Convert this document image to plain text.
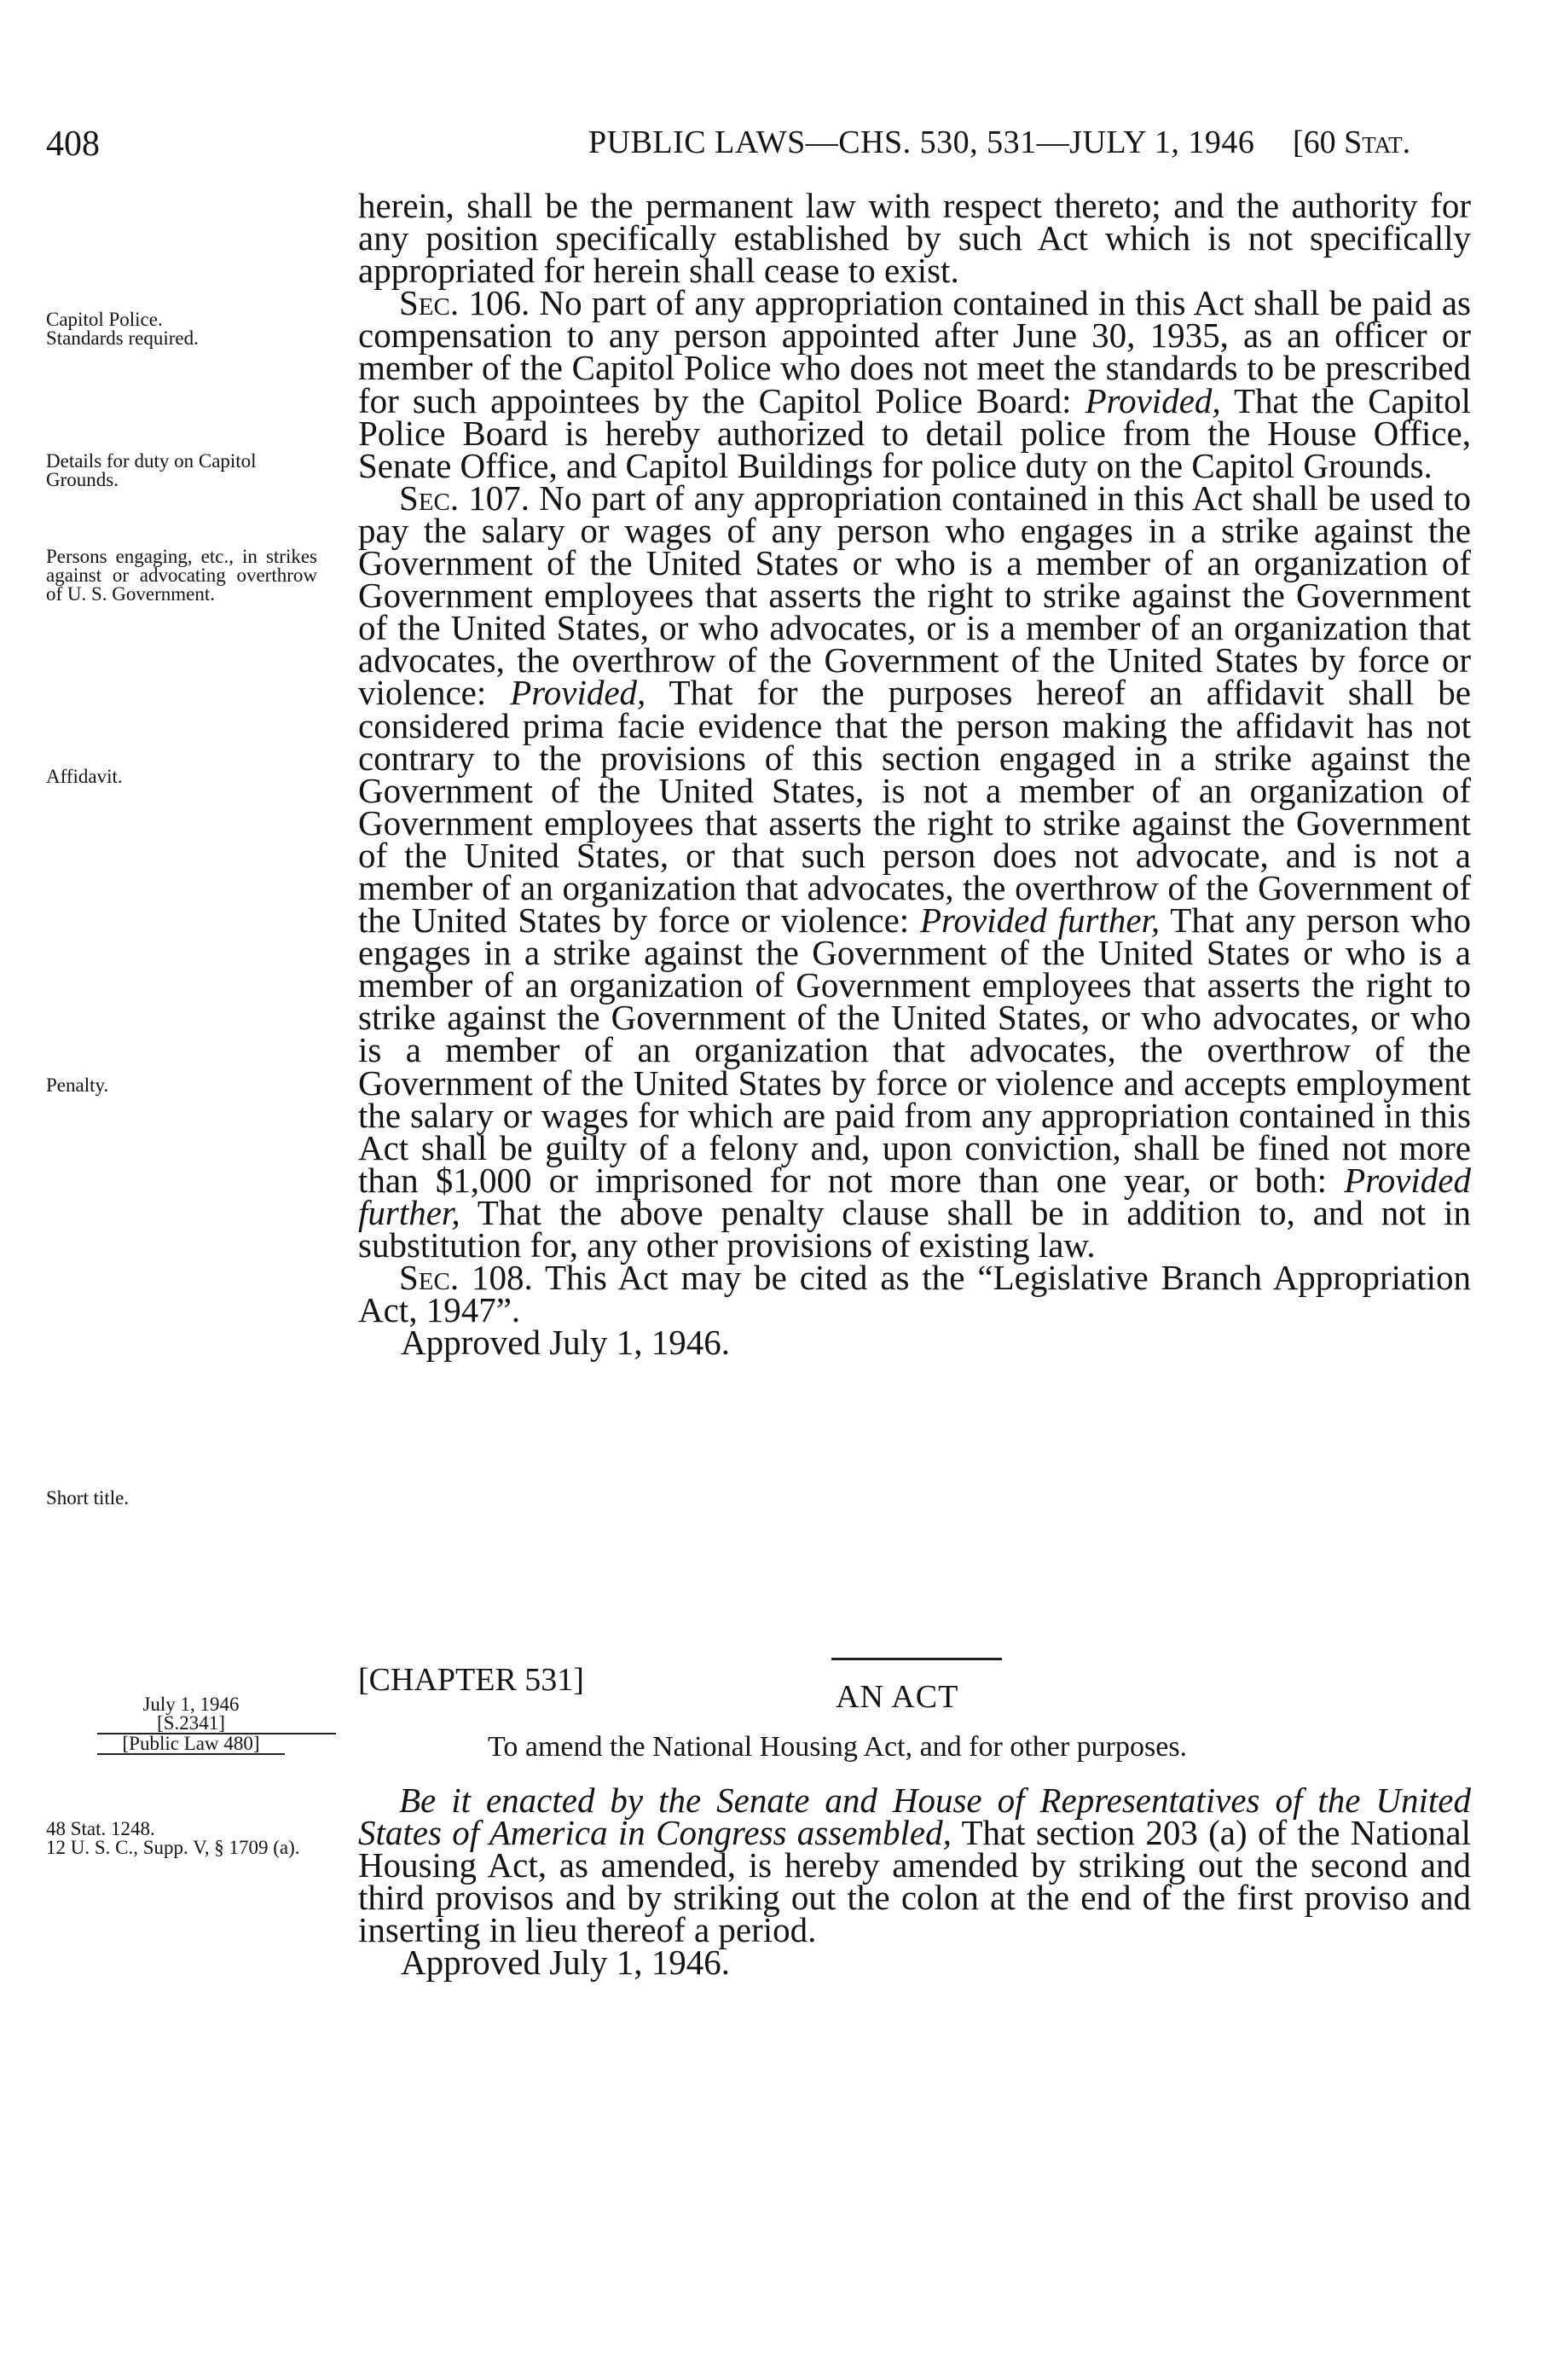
408	PUBLIC LAWS—CHS. 530, 531—JULY 1, 1946 [60 Stat.
Capitol Police.
Standards required.
Details for duty on Capitol Grounds.
Persons engaging, etc., in strikes against or advocating overthrow of U. S. Government.
Affidavit.
Penalty.
Short title.
July 1, 1946
[S.2341]
[Public Law 480]
48 Stat. 1248.
12 U. S. C., Supp. V, § 1709 (a).

herein, shall be the permanent law with respect thereto; and the authority for any position specifically established by such Act which is not specifically appropriated for herein shall cease to exist.

Sec. 106. No part of any appropriation contained in this Act shall be paid as compensation to any person appointed after June 30, 1935, as an officer or member of the Capitol Police who does not meet the standards to be prescribed for such appointees by the Capitol Police Board: Provided, That the Capitol Police Board is hereby authorized to detail police from the House Office, Senate Office, and Capitol Buildings for police duty on the Capitol Grounds.

Sec. 107. No part of any appropriation contained in this Act shall be used to pay the salary or wages of any person who engages in a strike against the Government of the United States or who is a member of an organization of Government employees that asserts the right to strike against the Government of the United States, or who advocates, or is a member of an organization that advocates, the overthrow of the Government of the United States by force or violence: Provided, That for the purposes hereof an affidavit shall be considered prima facie evidence that the person making the affidavit has not contrary to the provisions of this section engaged in a strike against the Government of the United States, is not a member of an organization of Government employees that asserts the right to strike against the Government of the United States, or that such person does not advocate, and is not a member of an organization that advocates, the overthrow of the Government of the United States by force or violence: Provided further, That any person who engages in a strike against the Government of the United States or who is a member of an organization of Government employees that asserts the right to strike against the Government of the United States, or who advocates, or who is a member of an organization that advocates, the overthrow of the Government of the United States by force or violence and accepts employment the salary or wages for which are paid from any appropriation contained in this Act shall be guilty of a felony and, upon conviction, shall be fined not more than $1,000 or imprisoned for not more than one year, or both: Provided further, That the above penalty clause shall be in addition to, and not in substitution for, any other provisions of existing law.

Sec. 108. This Act may be cited as the “Legislative Branch Appropriation Act, 1947”.

Approved July 1, 1946.

[CHAPTER 531]	AN ACT
To amend the National Housing Act, and for other purposes.

Be it enacted by the Senate and House of Representatives of the United States of America in Congress assembled, That section 203 (a) of the National Housing Act, as amended, is hereby amended by striking out the second and third provisos and by striking out the colon at the end of the first proviso and inserting in lieu thereof a period.

Approved July 1, 1946.
